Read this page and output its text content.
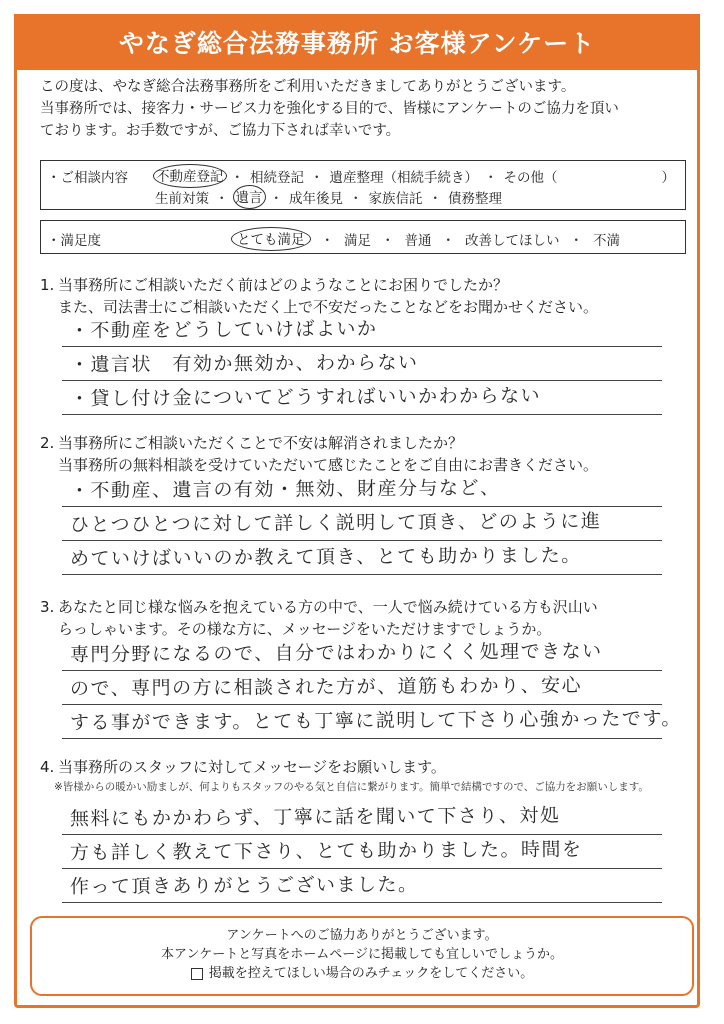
やなぎ総合法務事務所 お客様アンケート
この度は、やなぎ総合法務事務所をご利用いただきましてありがとうございます。
当事務所では、接客力・サービス力を強化する目的で、皆様にアンケートのご協力を頂い
ております。お手数ですが、ご協力下されば幸いです。
・ご相談内容 不動産登記 ・ 相続登記 ・ 遺産整理（相続手続き） ・ その他（	）
生前対策 ・ 遺言 ・ 成年後見 ・ 家族信託 ・ 債務整理
・満足度	とても満足	・ 満足 ・ 普通 ・ 改善してほしい ・ 不満
1. 当事務所にご相談いただく前はどのようなことにお困りでしたか？
また、司法書士にご相談いただく上で不安だったことなどをお聞かせください。
・不動産をどうしていけばよいか
・遺言状　有効か無効か、わからない
・貸し付け金についてどうすればいいかわからない
2. 当事務所にご相談いただくことで不安は解消されましたか？
当事務所の無料相談を受けていただいて感じたことをご自由にお書きください。
・不動産、遺言の有効・無効、財産分与など、
ひとつひとつに対して詳しく説明して頂き、どのように進
めていけばいいのか教えて頂き、とても助かりました。
3. あなたと同じ様な悩みを抱えている方の中で、一人で悩み続けている方も沢山い
らっしゃいます。その様な方に、メッセージをいただけますでしょうか。
専門分野になるので、自分ではわかりにくく処理できない
ので、専門の方に相談された方が、道筋もわかり、安心
する事ができます。とても丁寧に説明して下さり心強かったです。
4. 当事務所のスタッフに対してメッセージをお願いします。
※皆様からの暖かい励ましが、何よりもスタッフのやる気と自信に繋がります。簡単で結構ですので、ご協力をお願いします。
無料にもかかわらず、丁寧に話を聞いて下さり、対処
方も詳しく教えて下さり、とても助かりました。時間を
作って頂きありがとうございました。
アンケートへのご協力ありがとうございます。
本アンケートと写真をホームページに掲載しても宜しいでしょうか。
掲載を控えてほしい場合のみチェックをしてください。
